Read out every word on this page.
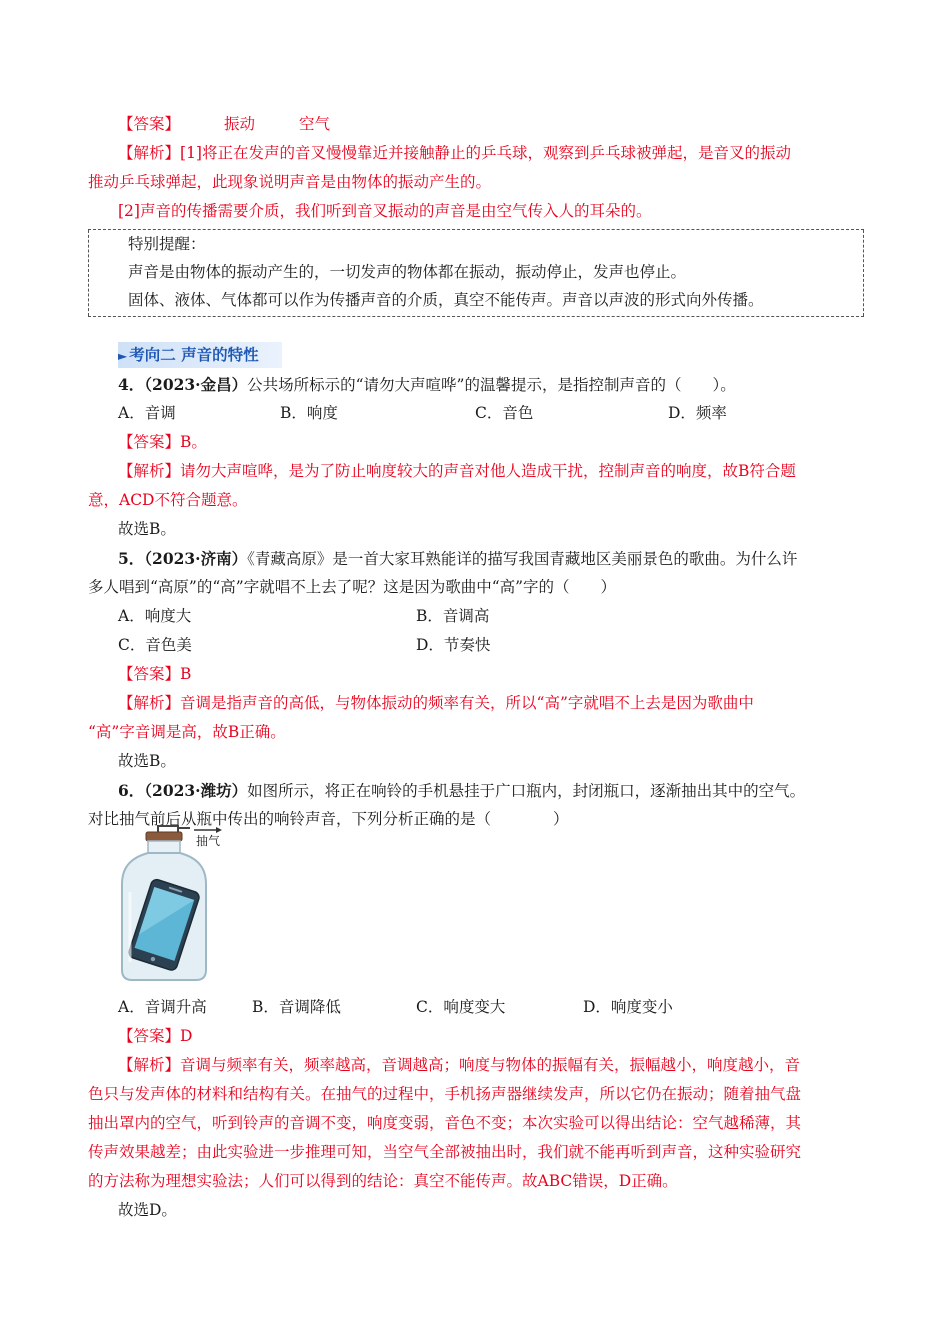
【答案】	振动	空气
【解析】[1]将正在发声的音叉慢慢靠近并接触静止的乒乓球，观察到乒乓球被弹起，是音叉的振动
推动乒乓球弹起，此现象说明声音是由物体的振动产生的。
[2]声音的传播需要介质，我们听到音叉振动的声音是由空气传入人的耳朵的。
特别提醒：
声音是由物体的振动产生的，一切发声的物体都在振动，振动停止，发声也停止。
固体、液体、气体都可以作为传播声音的介质，真空不能传声。声音以声波的形式向外传播。
► 考向二 声音的特性
4．（2023·金昌）公共场所标示的“请勿大声喧哗”的温馨提示，是指控制声音的（　　）。
A．音调	B．响度	C．音色	D．频率
【答案】B。
【解析】请勿大声喧哗，是为了防止响度较大的声音对他人造成干扰，控制声音的响度，故B符合题
意，ACD不符合题意。
故选B。
5．（2023·济南）《青藏高原》是一首大家耳熟能详的描写我国青藏地区美丽景色的歌曲。为什么许
多人唱到“高原”的“高”字就唱不上去了呢？这是因为歌曲中“高”字的（　　）
A．响度大	B．音调高
C．音色美	D．节奏快
【答案】B
【解析】音调是指声音的高低，与物体振动的频率有关，所以“高”字就唱不上去是因为歌曲中
“高”字音调是高，故B正确。
故选B。
6．（2023·潍坊）如图所示，将正在响铃的手机悬挂于广口瓶内，封闭瓶口，逐渐抽出其中的空气。
对比抽气前后从瓶中传出的响铃声音，下列分析正确的是（　　　　）
抽气
A．音调升高	B．音调降低	C．响度变大	D．响度变小
【答案】D
【解析】音调与频率有关，频率越高，音调越高；响度与物体的振幅有关，振幅越小，响度越小，音
色只与发声体的材料和结构有关。在抽气的过程中，手机扬声器继续发声，所以它仍在振动；随着抽气盘
抽出罩内的空气，听到铃声的音调不变，响度变弱，音色不变；本次实验可以得出结论：空气越稀薄，其
传声效果越差；由此实验进一步推理可知，当空气全部被抽出时，我们就不能再听到声音，这种实验研究
的方法称为理想实验法；人们可以得到的结论：真空不能传声。故ABC错误，D正确。
故选D。
